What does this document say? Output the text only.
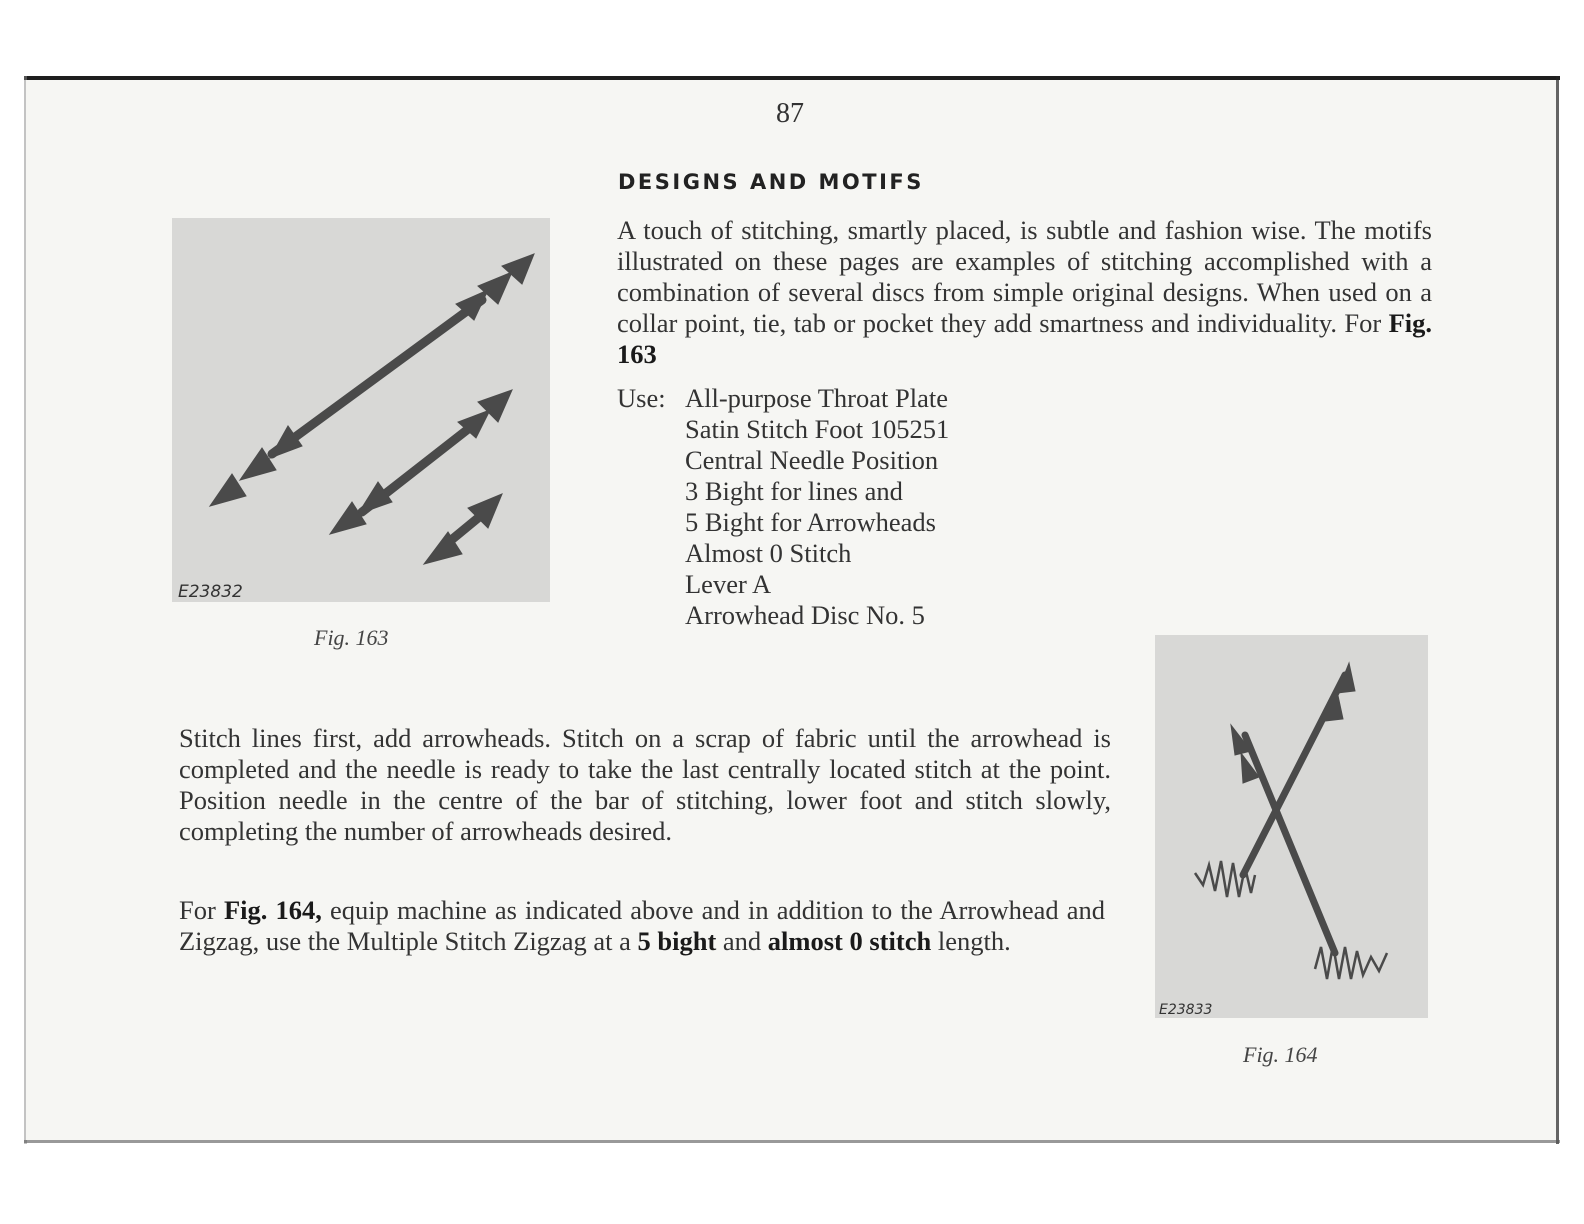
87
DESIGNS AND MOTIFS

A touch of stitching, smartly placed, is subtle and fashion wise. The motifs illustrated on these pages are examples of stitching accomplished with a combination of several discs from simple original designs. When used on a collar point, tie, tab or pocket they add smartness and individuality. For Fig. 163

Use: All-purpose Throat Plate
Satin Stitch Foot 105251
Central Needle Position
3 Bight for lines and
5 Bight for Arrowheads
Almost 0 Stitch
Lever A
Arrowhead Disc No. 5
E23832
Fig. 163
E23833
Fig. 164

Stitch lines first, add arrowheads. Stitch on a scrap of fabric until the arrowhead is completed and the needle is ready to take the last centrally located stitch at the point. Position needle in the centre of the bar of stitching, lower foot and stitch slowly, completing the number of arrowheads desired.

For Fig. 164, equip machine as indicated above and in addition to the Arrowhead and Zigzag, use the Multiple Stitch Zigzag at a 5 bight and almost 0 stitch length.
